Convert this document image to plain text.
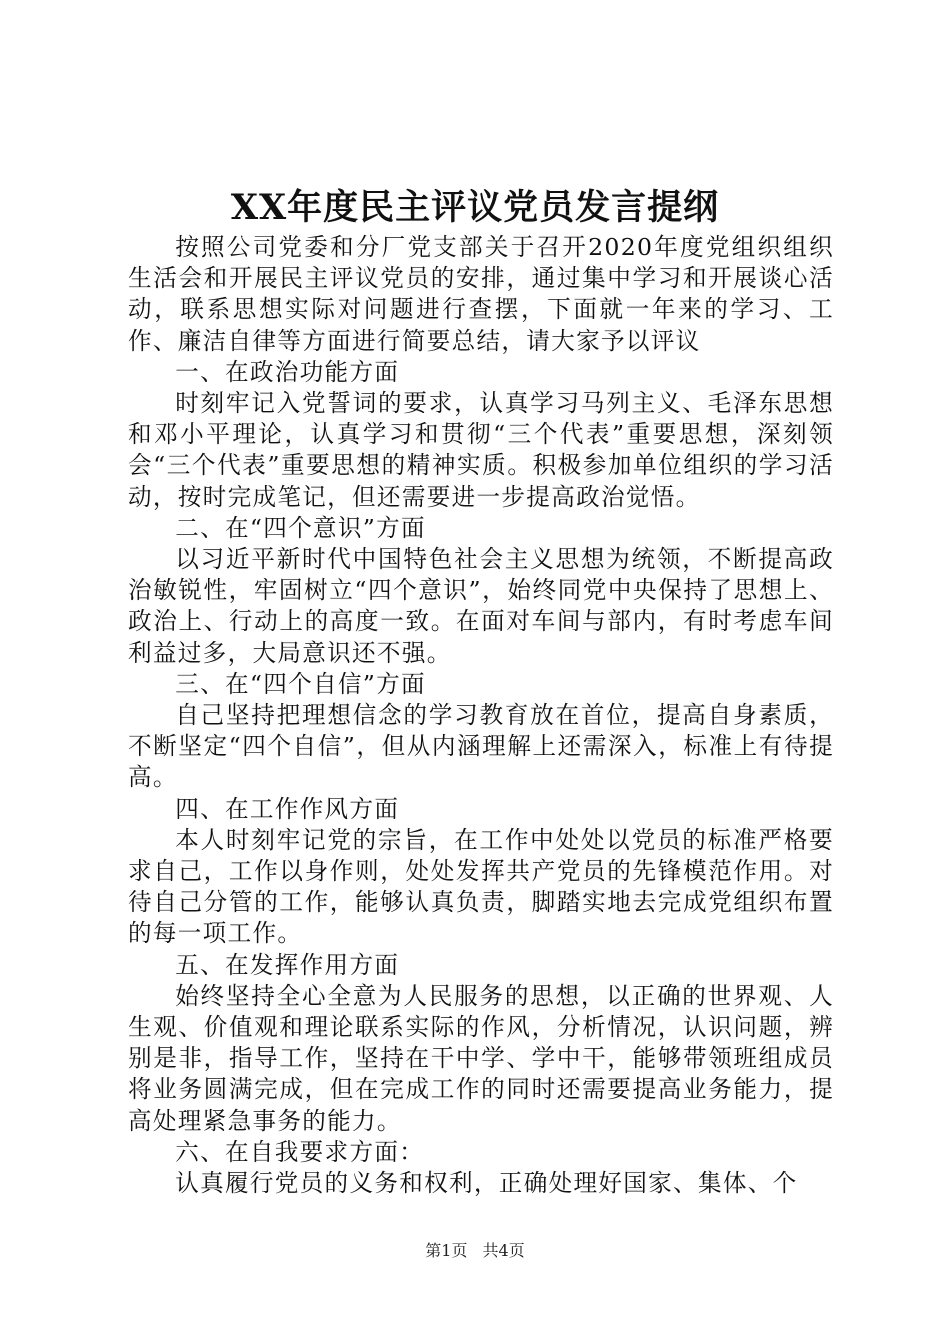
XX年度民主评议党员发言提纲

按照公司党委和分厂党支部关于召开2020年度党组织组织生活会和开展民主评议党员的安排，通过集中学习和开展谈心活动，联系思想实际对问题进行查摆，下面就一年来的学习、工作、廉洁自律等方面进行简要总结，请大家予以评议

一、在政治功能方面

时刻牢记入党誓词的要求，认真学习马列主义、毛泽东思想和邓小平理论，认真学习和贯彻“三个代表”重要思想，深刻领会“三个代表”重要思想的精神实质。积极参加单位组织的学习活动，按时完成笔记，但还需要进一步提高政治觉悟。

二、在“四个意识”方面

以习近平新时代中国特色社会主义思想为统领，不断提高政治敏锐性，牢固树立“四个意识”，始终同党中央保持了思想上、政治上、行动上的高度一致。在面对车间与部内，有时考虑车间利益过多，大局意识还不强。

三、在“四个自信”方面

自己坚持把理想信念的学习教育放在首位，提高自身素质，不断坚定“四个自信”，但从内涵理解上还需深入，标准上有待提高。

四、在工作作风方面

本人时刻牢记党的宗旨，在工作中处处以党员的标准严格要求自己，工作以身作则，处处发挥共产党员的先锋模范作用。对待自己分管的工作，能够认真负责，脚踏实地去完成党组织布置的每一项工作。

五、在发挥作用方面

始终坚持全心全意为人民服务的思想，以正确的世界观、人生观、价值观和理论联系实际的作风，分析情况，认识问题，辨别是非，指导工作，坚持在干中学、学中干，能够带领班组成员将业务圆满完成，但在完成工作的同时还需要提高业务能力，提高处理紧急事务的能力。

六、在自我要求方面：

认真履行党员的义务和权利，正确处理好国家、集体、个

第1页 共4页
